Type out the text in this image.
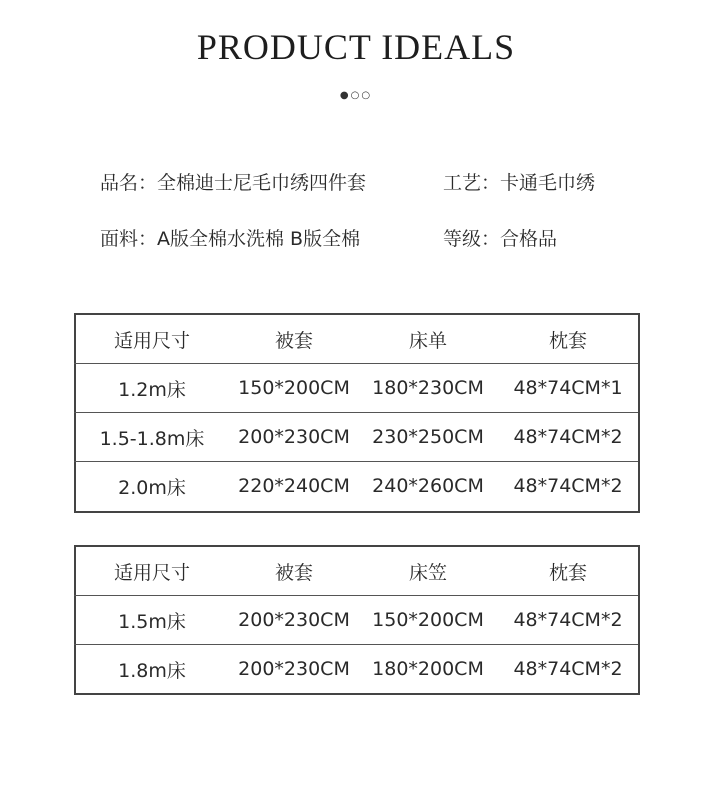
PRODUCT IDEALS
●○○
品名：全棉迪士尼毛巾绣四件套	工艺：卡通毛巾绣
面料：A版全棉水洗棉 B版全棉	等级：合格品
适用尺寸	被套	床单	枕套
1.2m床	150*200CM	180*230CM	48*74CM*1
1.5-1.8m床	200*230CM	230*250CM	48*74CM*2
2.0m床	220*240CM	240*260CM	48*74CM*2
适用尺寸	被套	床笠	枕套
1.5m床	200*230CM	150*200CM	48*74CM*2
1.8m床	200*230CM	180*200CM	48*74CM*2
